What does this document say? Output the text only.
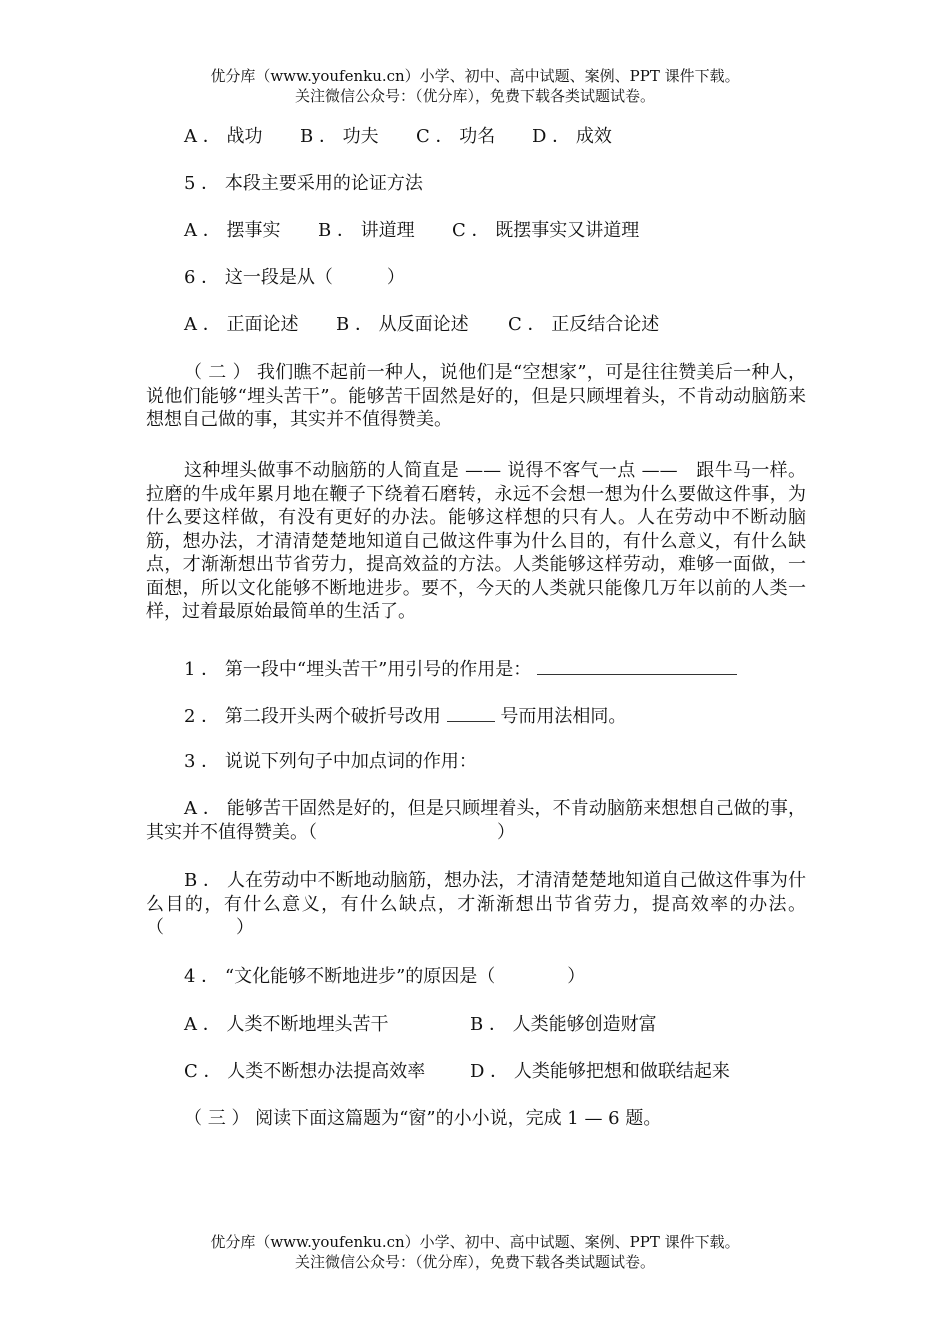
优分库（www.youfenku.cn）小学、初中、高中试题、案例、PPT 课件下载。
关注微信公众号：（优分库），免费下载各类试题试卷。
A ． 战功 B ． 功夫 C ． 功名 D ． 成效
5 ． 本段主要采用的论证方法
A ． 摆事实 B ． 讲道理 C ． 既摆事实又讲道理
6 ． 这一段是从（　　　）
A ． 正面论述 B ． 从反面论述 C ． 正反结合论述
（ 二 ） 我们瞧不起前一种人，说他们是“空想家”，可是往往赞美后一种人，说他们能够“埋头苦干”。能够苦干固然是好的，但是只顾埋着头，不肯动动脑筋来想想自己做的事，其实并不值得赞美。
这种埋头做事不动脑筋的人简直是 —— 说得不客气一点 ——　跟牛马一样。拉磨的牛成年累月地在鞭子下绕着石磨转，永远不会想一想为什么要做这件事，为什么要这样做，有没有更好的办法。能够这样想的只有人。人在劳动中不断动脑筋，想办法，才清清楚楚地知道自己做这件事为什么目的，有什么意义，有什么缺点，才渐渐想出节省劳力，提高效益的方法。人类能够这样劳动，难够一面做，一面想，所以文化能够不断地进步。要不，今天的人类就只能像几万年以前的人类一样，过着最原始最简单的生活了。
1 ． 第一段中“埋头苦干”用引号的作用是：
2 ． 第二段开头两个破折号改用	号而用法相同。
3 ． 说说下列句子中加点词的作用：
A ． 能够苦干固然是好的，但是只顾埋着头，不肯动脑筋来想想自己做的事，其实并不值得赞美。（　　　　　　　　　　）
B ． 人在劳动中不断地动脑筋，想办法，才清清楚楚地知道自己做这件事为什么目的，有什么意义，有什么缺点，才渐渐想出节省劳力，提高效率的办法。（　　　　）
4 ． “文化能够不断地进步”的原因是（　　　　）
A ． 人类不断地埋头苦干	B ． 人类能够创造财富
C ． 人类不断想办法提高效率 D ． 人类能够把想和做联结起来
（ 三 ） 阅读下面这篇题为“窗”的小小说，完成 1 — 6 题。
优分库（www.youfenku.cn）小学、初中、高中试题、案例、PPT 课件下载。
关注微信公众号：（优分库），免费下载各类试题试卷。
